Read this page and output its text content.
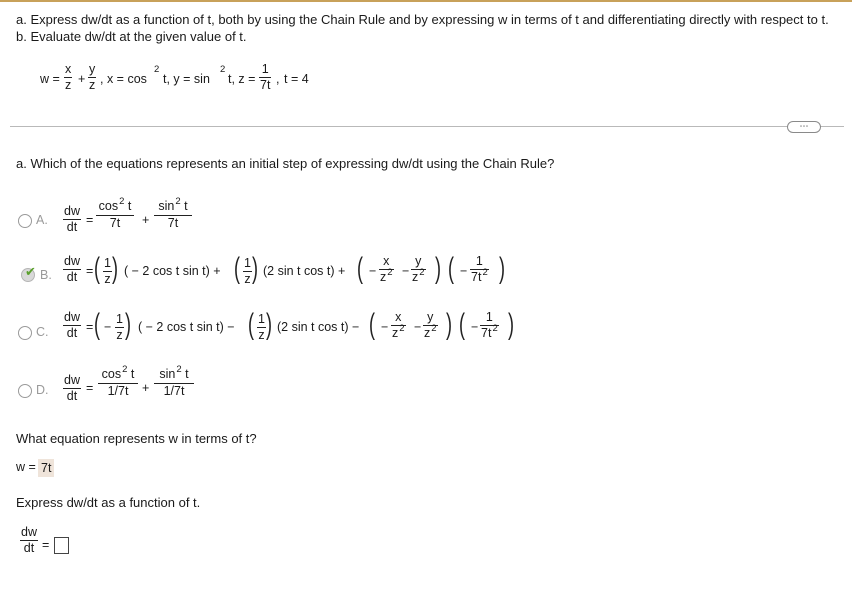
a. Express dw/dt as a function of t, both by using the Chain Rule and by expressing w in terms of t and differentiating directly with respect to t.
b. Evaluate dw/dt at the given value of t.
w =
x
z +
y
z , x = cos
2
t, y = sin
2
t, z =
1
7t , t = 4
⋯
a. Which of the equations represents an initial step of expressing dw/dt using the Chain Rule?
A.
dw
dt =
$\cos^2 t$
7t +
$\sin^2 t$
7t
✔ B.
dw
dt = ( 1
z ) ( − 2 cos t sin t) + ( 1
z ) (2 sin t cos t) + ( −
x
$z^2$ −
y
$z^2$ ) ( −
1
$7t^2$ )
C.
dw
dt = ( −
1
z ) ( − 2 cos t sin t) − ( 1
z ) (2 sin t cos t) − ( −
x
$z^2$ −
y
$z^2$ ) ( −
1
$7t^2$ )
D.
dw
dt
=
$\cos^2 t$
1/7t +
$\sin^2 t$
1/7t
What equation represents w in terms of t?
w = 7t
Express dw/dt as a function of t.
dw
dt =
